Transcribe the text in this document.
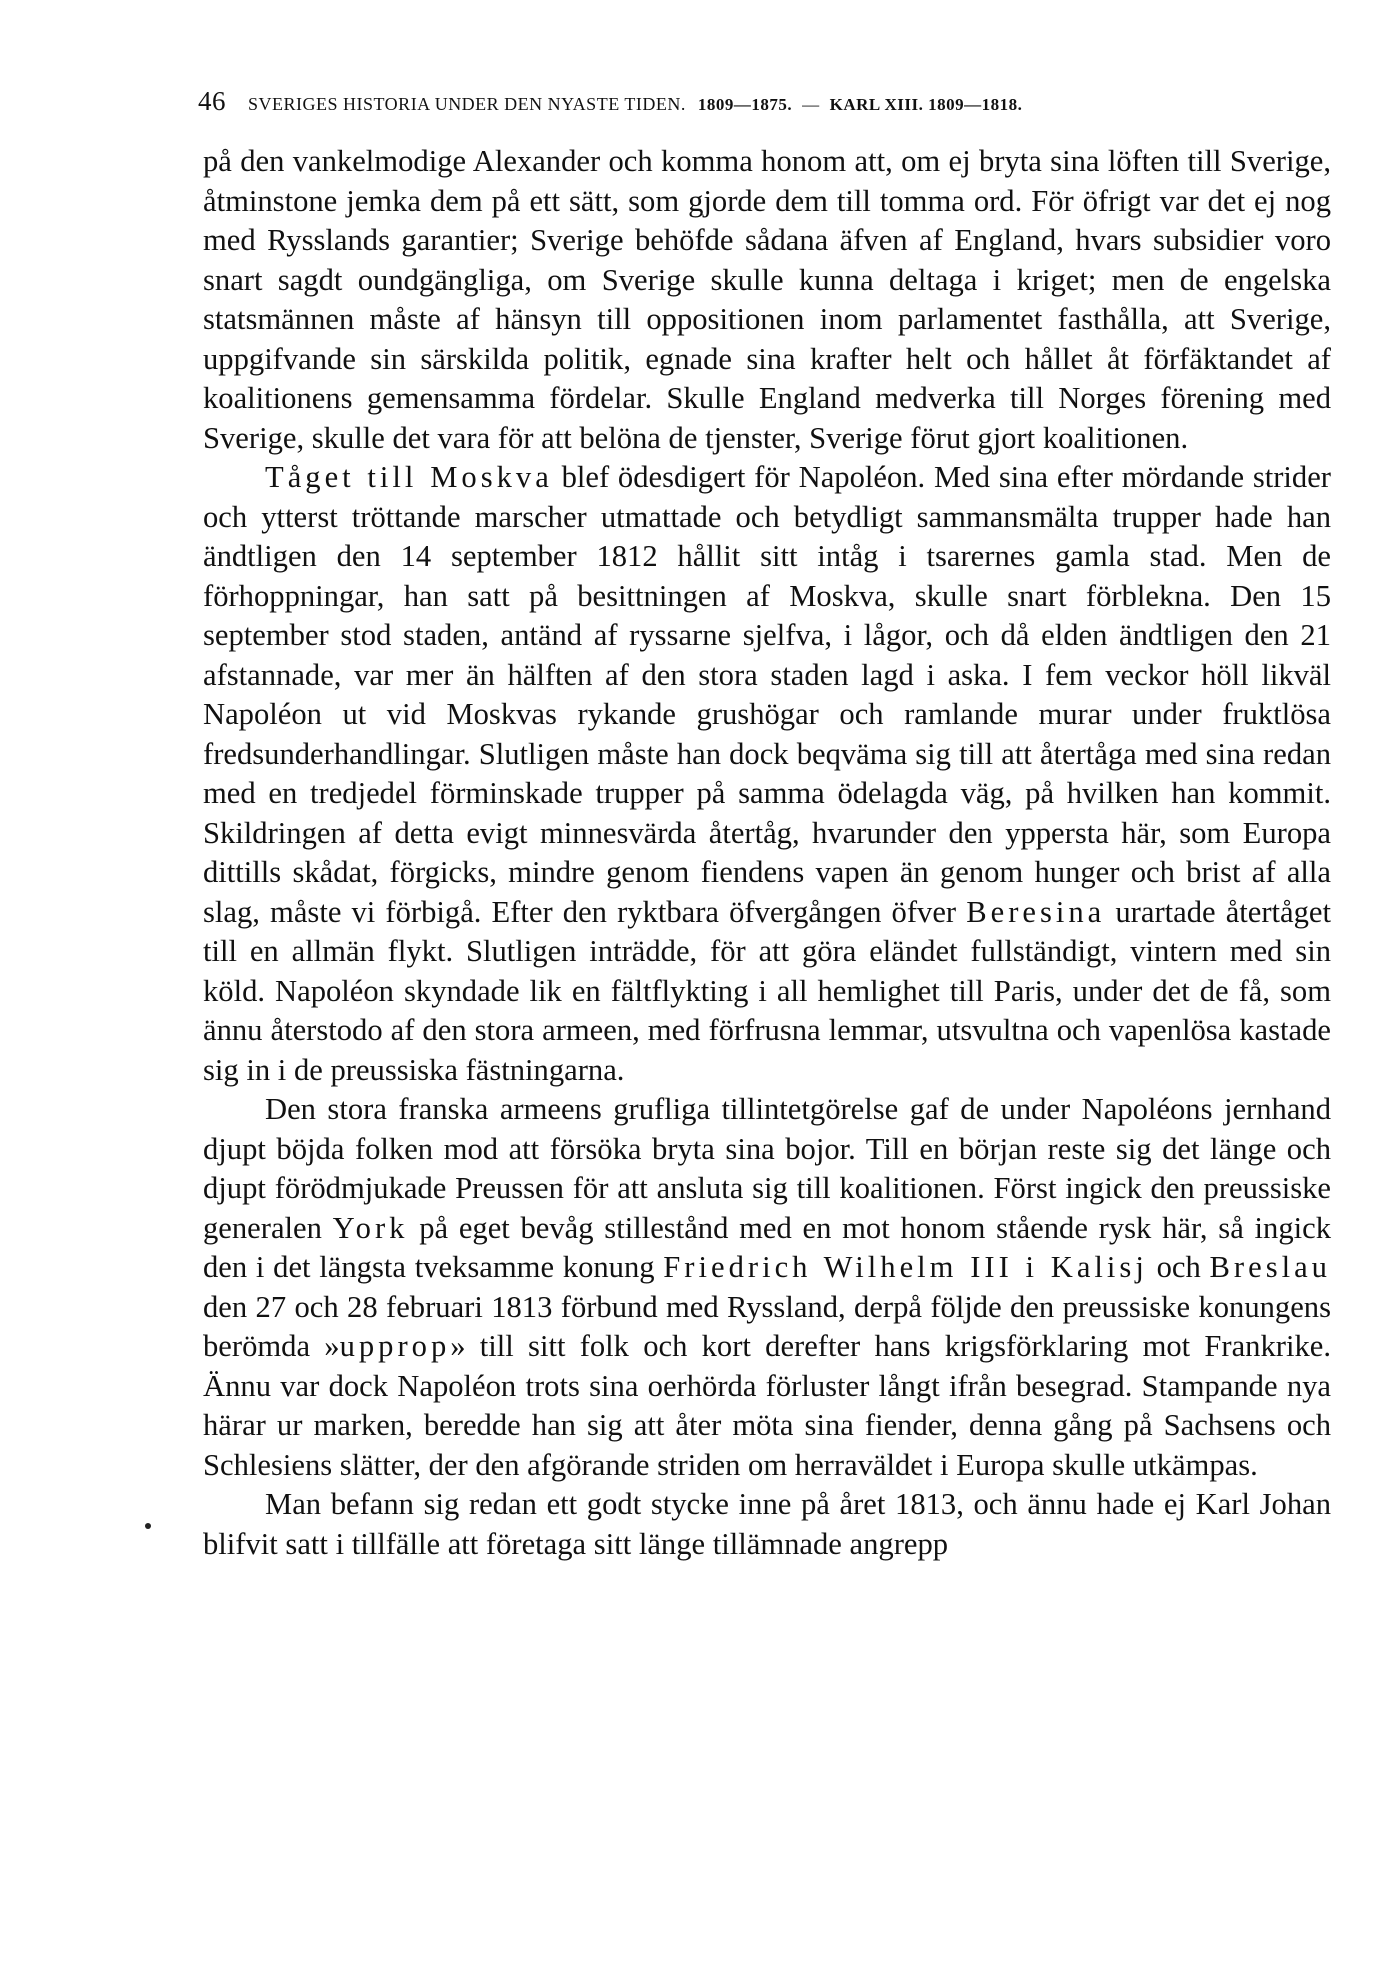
46 SVERIGES HISTORIA UNDER DEN NYASTE TIDEN. 1809—1875. — KARL XIII. 1809—1818.

på den vankelmodige Alexander och komma honom att, om ej bryta sina löften till Sverige, åtminstone jemka dem på ett sätt, som gjorde dem till tomma ord. För öfrigt var det ej nog med Rysslands garantier; Sverige behöfde sådana äfven af England, hvars subsidier voro snart sagdt oundgängliga, om Sverige skulle kunna deltaga i kriget; men de engelska statsmännen måste af hänsyn till oppositionen inom parlamentet fasthålla, att Sverige, uppgifvande sin särskilda politik, egnade sina krafter helt och hållet åt förfäktandet af koalitionens gemensamma fördelar. Skulle England medverka till Norges förening med Sverige, skulle det vara för att belöna de tjenster, Sverige förut gjort koalitionen.

Tåget till Moskva blef ödesdigert för Napoléon. Med sina efter mördande strider och ytterst tröttande marscher utmattade och betydligt sammansmälta trupper hade han ändtligen den 14 september 1812 hållit sitt intåg i tsarernes gamla stad. Men de förhoppningar, han satt på besittningen af Moskva, skulle snart förblekna. Den 15 september stod staden, antänd af ryssarne sjelfva, i lågor, och då elden ändtligen den 21 afstannade, var mer än hälften af den stora staden lagd i aska. I fem veckor höll likväl Napoléon ut vid Moskvas rykande grushögar och ramlande murar under fruktlösa fredsunderhandlingar. Slutligen måste han dock beqväma sig till att återtåga med sina redan med en tredjedel förminskade trupper på samma ödelagda väg, på hvilken han kommit. Skildringen af detta evigt minnesvärda återtåg, hvarunder den yppersta här, som Europa dittills skådat, förgicks, mindre genom fiendens vapen än genom hunger och brist af alla slag, måste vi förbigå. Efter den ryktbara öfvergången öfver Beresina urartade återtåget till en allmän flykt. Slutligen inträdde, för att göra eländet fullständigt, vintern med sin köld. Napoléon skyndade lik en fältflykting i all hemlighet till Paris, under det de få, som ännu återstodo af den stora armeen, med förfrusna lemmar, utsvultna och vapenlösa kastade sig in i de preussiska fästningarna.

Den stora franska armeens grufliga tillintetgörelse gaf de under Napoléons jernhand djupt böjda folken mod att försöka bryta sina bojor. Till en början reste sig det länge och djupt förödmjukade Preussen för att ansluta sig till koalitionen. Först ingick den preussiske generalen York på eget bevåg stillestånd med en mot honom stående rysk här, så ingick den i det längsta tveksamme konung Friedrich Wilhelm III i Kalisj och Breslau den 27 och 28 februari 1813 förbund med Ryssland, derpå följde den preussiske konungens berömda »upprop» till sitt folk och kort derefter hans krigsförklaring mot Frankrike. Ännu var dock Napoléon trots sina oerhörda förluster långt ifrån besegrad. Stampande nya härar ur marken, beredde han sig att åter möta sina fiender, denna gång på Sachsens och Schlesiens slätter, der den afgörande striden om herraväldet i Europa skulle utkämpas.

Man befann sig redan ett godt stycke inne på året 1813, och ännu hade ej Karl Johan blifvit satt i tillfälle att företaga sitt länge tillämnade angrepp
